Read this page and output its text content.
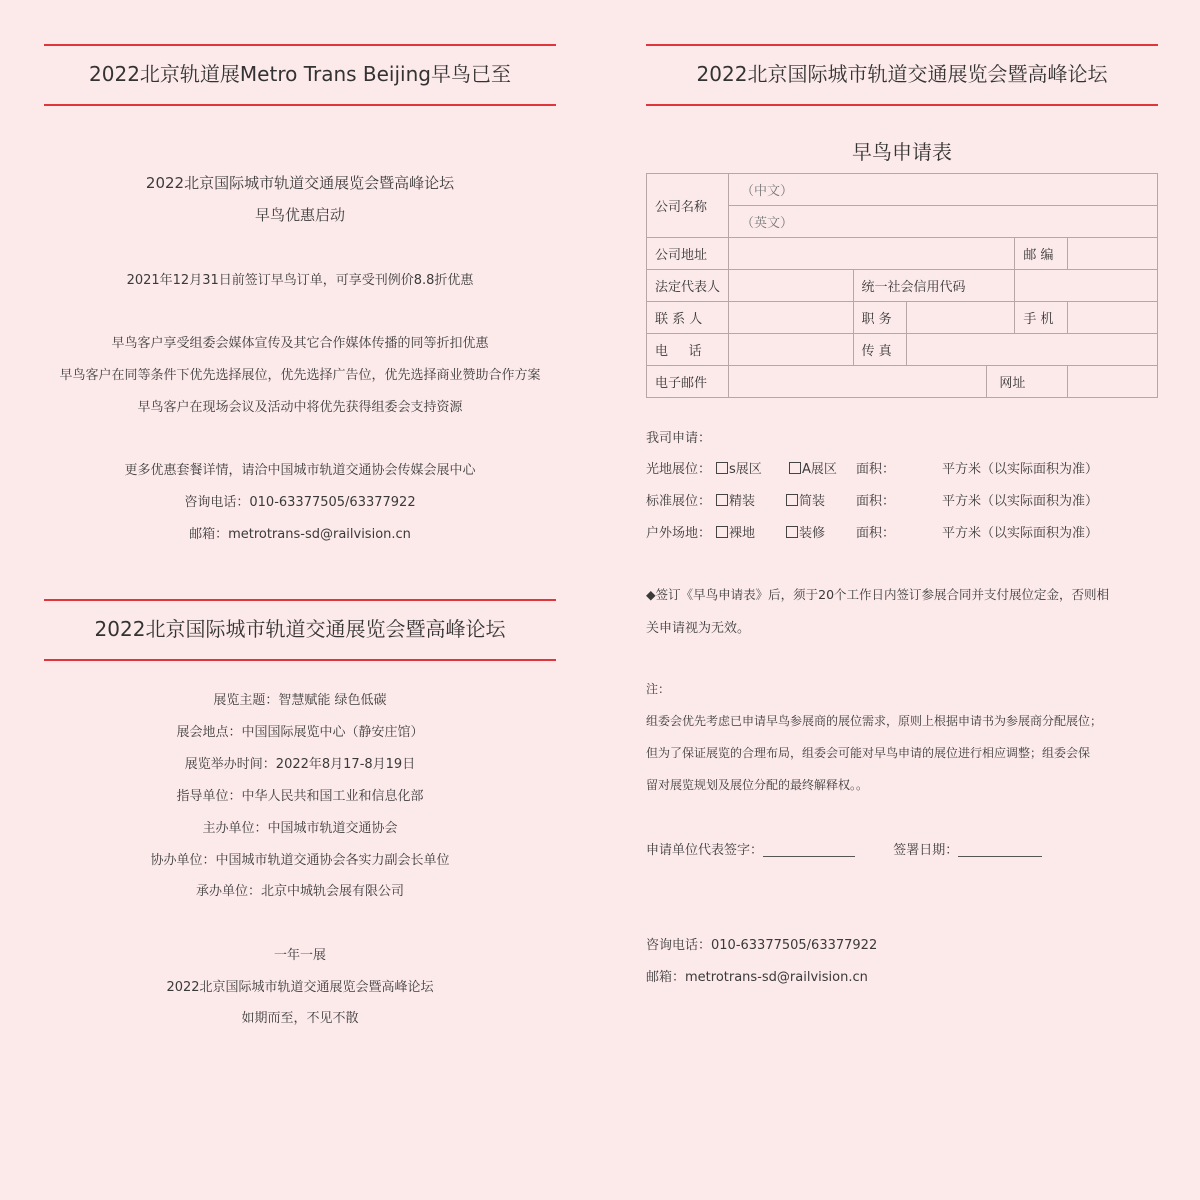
2022北京轨道展Metro Trans Beijing早鸟已至
2022北京国际城市轨道交通展览会暨高峰论坛
早鸟优惠启动
2021年12月31日前签订早鸟订单，可享受刊例价8.8折优惠
早鸟客户享受组委会媒体宣传及其它合作媒体传播的同等折扣优惠
早鸟客户在同等条件下优先选择展位，优先选择广告位，优先选择商业赞助合作方案
早鸟客户在现场会议及活动中将优先获得组委会支持资源
更多优惠套餐详情，请洽中国城市轨道交通协会传媒会展中心
咨询电话：010-63377505/63377922
邮箱：metrotrans-sd@railvision.cn
2022北京国际城市轨道交通展览会暨高峰论坛
展览主题：智慧赋能 绿色低碳
展会地点：中国国际展览中心（静安庄馆）
展览举办时间：2022年8月17-8月19日
指导单位：中华人民共和国工业和信息化部
主办单位：中国城市轨道交通协会
协办单位：中国城市轨道交通协会各实力副会长单位
承办单位：北京中城轨会展有限公司
一年一展
2022北京国际城市轨道交通展览会暨高峰论坛
如期而至，不见不散
2022北京国际城市轨道交通展览会暨高峰论坛
早鸟申请表
公司名称	（中文）					
	（英文）					
公司地址					邮 编	
法定代表人		统一社会信用代码				
联 系 人		职 务			手 机	
电     话		传 真				
电子邮件				网址		
我司申请：
光地展位：	s展区	A展区 面积：	平方米（以实际面积为准）
标准展位：	精装	简装 面积：	平方米（以实际面积为准）
户外场地：	裸地	装修 面积：	平方米（以实际面积为准）
◆签订《早鸟申请表》后，须于20个工作日内签订参展合同并支付展位定金，否则相
关申请视为无效。
注：
组委会优先考虑已申请早鸟参展商的展位需求，原则上根据申请书为参展商分配展位；
但为了保证展览的合理布局，组委会可能对早鸟申请的展位进行相应调整；组委会保
留对展览规划及展位分配的最终解释权。。
申请单位代表签字：	签署日期：
咨询电话：010-63377505/63377922
邮箱：metrotrans-sd@railvision.cn
